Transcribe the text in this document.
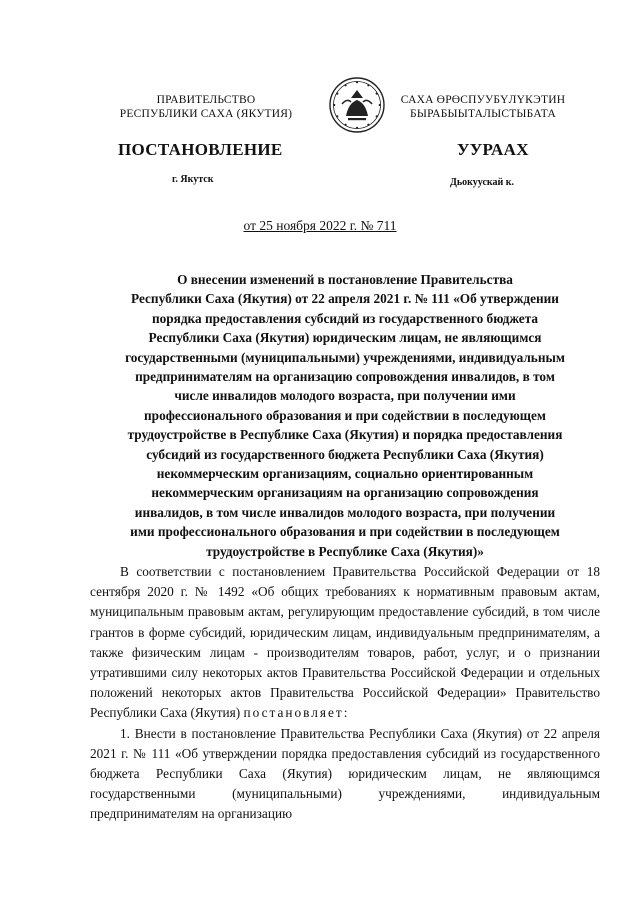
ПРАВИТЕЛЬСТВО
РЕСПУБЛИКИ САХА (ЯКУТИЯ)
САХА ӨРӨСПУУБҮЛҮКЭТИН
БЫРАБЫЫТАЛЫСТЫБАТА
ПОСТАНОВЛЕНИЕ	УУРААХ
г. Якутск	Дьокуускай к.
от 25 ноября 2022 г. № 711
О внесении изменений в постановление Правительства
Республики Саха (Якутия) от 22 апреля 2021 г. № 111 «Об утверждении
порядка предоставления субсидий из государственного бюджета
Республики Саха (Якутия) юридическим лицам, не являющимся
государственными (муниципальными) учреждениями, индивидуальным
предпринимателям на организацию сопровождения инвалидов, в том
числе инвалидов молодого возраста, при получении ими
профессионального образования и при содействии в последующем
трудоустройстве в Республике Саха (Якутия) и порядка предоставления
субсидий из государственного бюджета Республики Саха (Якутия)
некоммерческим организациям, социально ориентированным
некоммерческим организациям на организацию сопровождения
инвалидов, в том числе инвалидов молодого возраста, при получении
ими профессионального образования и при содействии в последующем
трудоустройстве в Республике Саха (Якутия)»

В соответствии с постановлением Правительства Российской Федерации от 18 сентября 2020 г. № 1492 «Об общих требованиях к нормативным правовым актам, муниципальным правовым актам, регулирующим предоставление субсидий, в том числе грантов в форме субсидий, юридическим лицам, индивидуальным предпринимателям, а также физическим лицам - производителям товаров, работ, услуг, и о признании утратившими силу некоторых актов Правительства Российской Федерации и отдельных положений некоторых актов Правительства Российской Федерации» Правительство Республики Саха (Якутия) постановляет:

1. Внести в постановление Правительства Республики Саха (Якутия) от 22 апреля 2021 г. № 111 «Об утверждении порядка предоставления субсидий из государственного бюджета Республики Саха (Якутия) юридическим лицам, не являющимся государственными (муниципальными) учреждениями, индивидуальным предпринимателям на организацию
